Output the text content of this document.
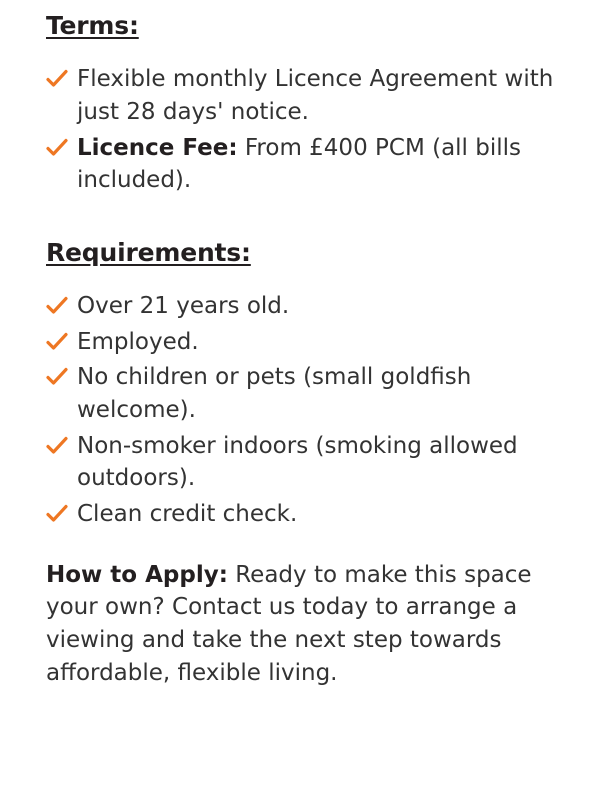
Terms:
Flexible monthly Licence Agreement with just 28 days' notice.
Licence Fee: From £400 PCM (all bills included).
Requirements:
Over 21 years old.
Employed.
No children or pets (small goldfish welcome).
Non-smoker indoors (smoking allowed outdoors).
Clean credit check.

How to Apply: Ready to make this space your own? Contact us today to arrange a viewing and take the next step towards affordable, flexible living.
